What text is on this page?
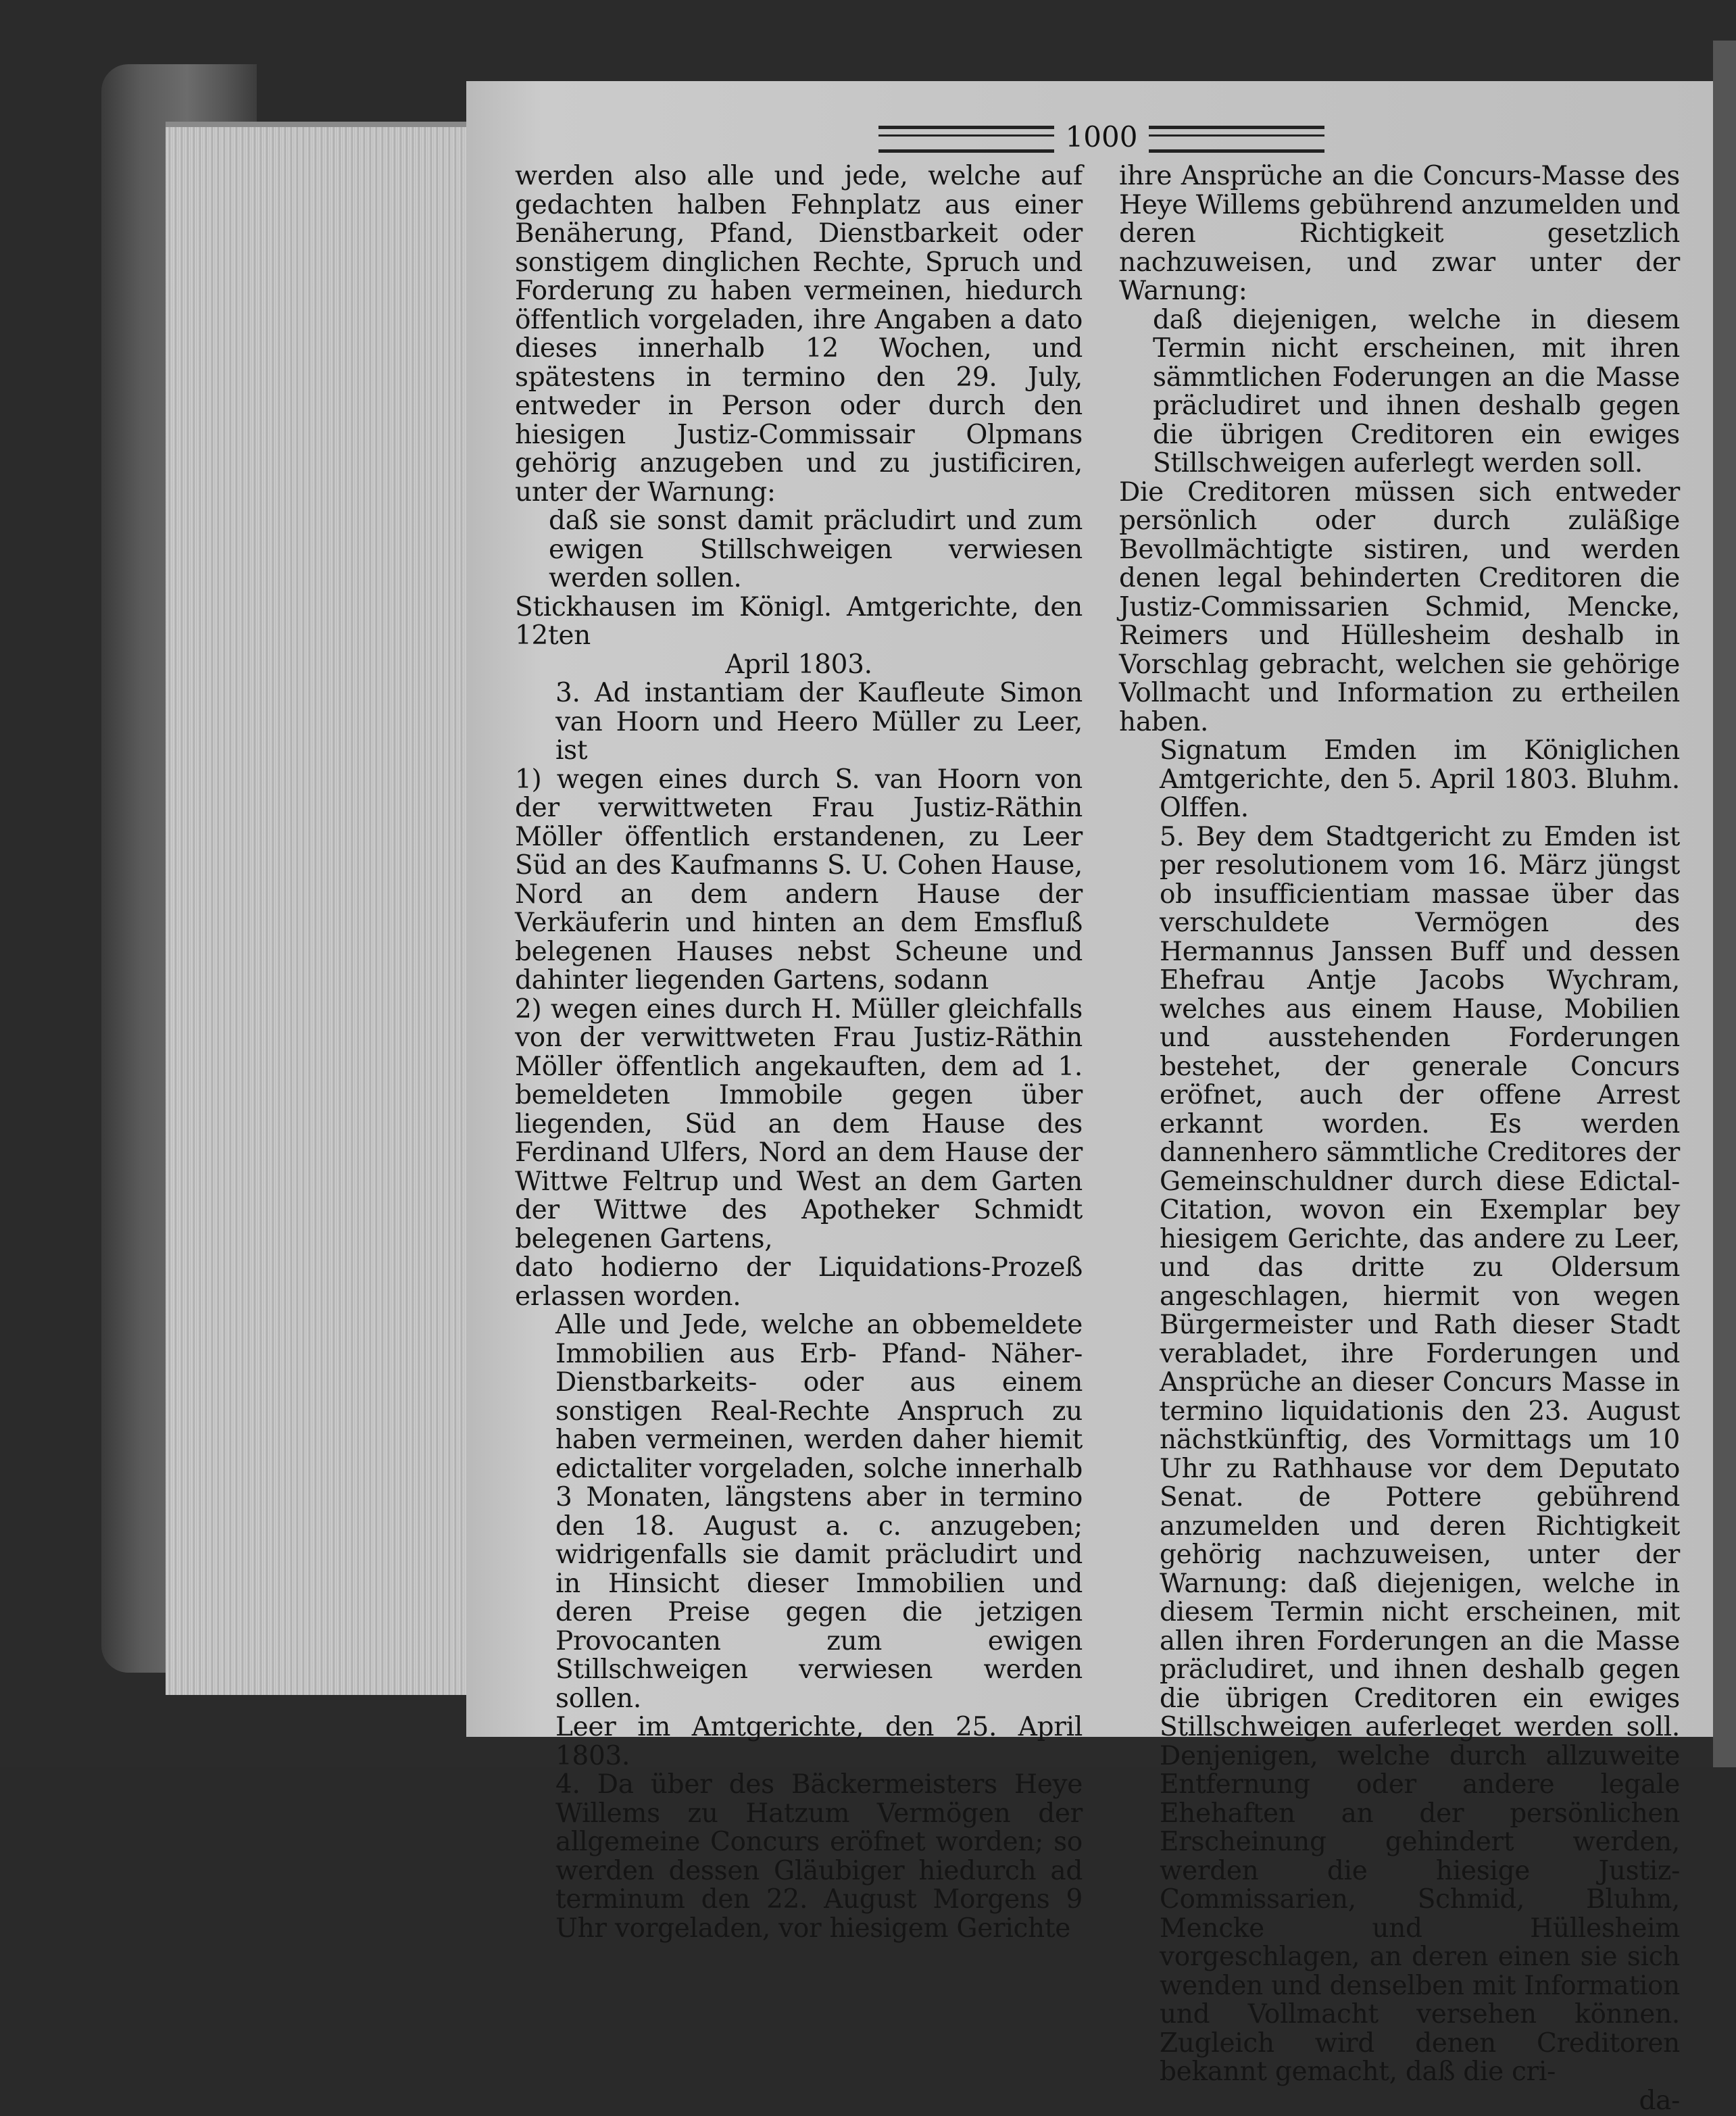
1000

werden also alle und jede, welche auf gedachten halben Fehnplatz aus einer Benäherung, Pfand, Dienstbarkeit oder sonstigem dinglichen Rechte, Spruch und Forderung zu haben vermeinen, hiedurch öffentlich vorgeladen, ihre Angaben a dato dieses innerhalb 12 Wochen, und spätestens in termino den 29. July, entweder in Person oder durch den hiesigen Justiz-Commissair Olpmans gehörig anzugeben und zu justificiren, unter der Warnung:

daß sie sonst damit präcludirt und zum ewigen Stillschweigen verwiesen werden sollen.

Stickhausen im Königl. Amtgerichte, den 12ten

April 1803.

3. Ad instantiam der Kaufleute Simon van Hoorn und Heero Müller zu Leer, ist

1) wegen eines durch S. van Hoorn von der verwittweten Frau Justiz-Räthin Möller öffentlich erstandenen, zu Leer Süd an des Kaufmanns S. U. Cohen Hause, Nord an dem andern Hause der Verkäuferin und hinten an dem Emsfluß belegenen Hauses nebst Scheune und dahinter liegenden Gartens, sodann

2) wegen eines durch H. Müller gleichfalls von der verwittweten Frau Justiz-Räthin Möller öffentlich angekauften, dem ad 1. bemeldeten Immobile gegen über liegenden, Süd an dem Hause des Ferdinand Ulfers, Nord an dem Hause der Wittwe Feltrup und West an dem Garten der Wittwe des Apotheker Schmidt belegenen Gartens,

dato hodierno der Liquidations-Prozeß erlassen worden.

Alle und Jede, welche an obbemeldete Immobilien aus Erb- Pfand- Näher- Dienstbarkeits- oder aus einem sonstigen Real-Rechte Anspruch zu haben vermeinen, werden daher hiemit edictaliter vorgeladen, solche innerhalb 3 Monaten, längstens aber in termino den 18. August a. c. anzugeben; widrigenfalls sie damit präcludirt und in Hinsicht dieser Immobilien und deren Preise gegen die jetzigen Provocanten zum ewigen Stillschweigen verwiesen werden sollen.

Leer im Amtgerichte, den 25. April 1803.

4. Da über des Bäckermeisters Heye Willems zu Hatzum Vermögen der allgemeine Concurs eröfnet worden; so werden dessen Gläubiger hiedurch ad terminum den 22. August Morgens 9 Uhr vorgeladen, vor hiesigem Gerichte

ihre Ansprüche an die Concurs-Masse des Heye Willems gebührend anzumelden und deren Richtigkeit gesetzlich nachzuweisen, und zwar unter der Warnung:

daß diejenigen, welche in diesem Termin nicht erscheinen, mit ihren sämmtlichen Foderungen an die Masse präcludiret und ihnen deshalb gegen die übrigen Creditoren ein ewiges Stillschweigen auferlegt werden soll.

Die Creditoren müssen sich entweder persönlich oder durch zuläßige Bevollmächtigte sistiren, und werden denen legal behinderten Creditoren die Justiz-Commissarien Schmid, Mencke, Reimers und Hüllesheim deshalb in Vorschlag gebracht, welchen sie gehörige Vollmacht und Information zu ertheilen haben.

Signatum Emden im Königlichen Amtgerichte, den 5. April 1803. Bluhm. Olffen.

5. Bey dem Stadtgericht zu Emden ist per resolutionem vom 16. März jüngst ob insufficientiam massae über das verschuldete Vermögen des Hermannus Janssen Buff und dessen Ehefrau Antje Jacobs Wychram, welches aus einem Hause, Mobilien und ausstehenden Forderungen bestehet, der generale Concurs eröfnet, auch der offene Arrest erkannt worden. Es werden dannenhero sämmtliche Creditores der Gemeinschuldner durch diese Edictal-Citation, wovon ein Exemplar bey hiesigem Gerichte, das andere zu Leer, und das dritte zu Oldersum angeschlagen, hiermit von wegen Bürgermeister und Rath dieser Stadt verabladet, ihre Forderungen und Ansprüche an dieser Concurs Masse in termino liquidationis den 23. August nächstkünftig, des Vormittags um 10 Uhr zu Rathhause vor dem Deputato Senat. de Pottere gebührend anzumelden und deren Richtigkeit gehörig nachzuweisen, unter der Warnung: daß diejenigen, welche in diesem Termin nicht erscheinen, mit allen ihren Forderungen an die Masse präcludiret, und ihnen deshalb gegen die übrigen Creditoren ein ewiges Stillschweigen auferleget werden soll. Denjenigen, welche durch allzuweite Entfernung oder andere legale Ehehaften an der persönlichen Erscheinung gehindert werden, werden die hiesige Justiz-Commissarien, Schmid, Bluhm, Mencke und Hüllesheim vorgeschlagen, an deren einen sie sich wenden und denselben mit Information und Vollmacht versehen können. Zugleich wird denen Creditoren bekannt gemacht, daß die cri-

da-
